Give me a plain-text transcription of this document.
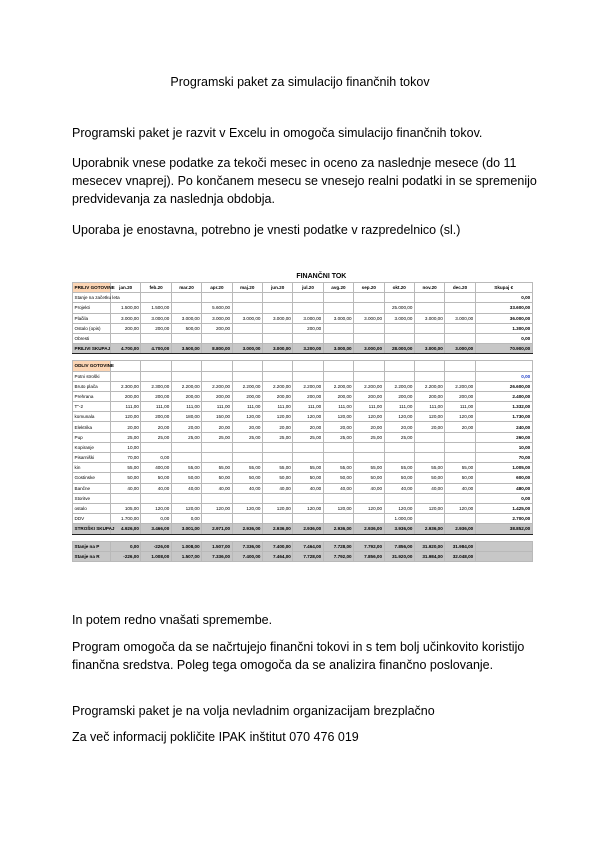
Programski paket za simulacijo finančnih tokov

Programski paket je razvit v Excelu in omogoča simulacijo finančnih tokov.

Uporabnik vnese podatke za tekoči mesec in oceno za naslednje mesece (do 11 mesecev vnaprej). Po končanem mesecu se vnesejo realni podatki in se spremenijo predvidevanja za naslednja obdobja.

Uporaba je enostavna, potrebno je vnesti podatke v razpredelnico (sl.)

	FINANČNI TOK												
PRILIV GOTOVINE	jan.20	feb.20	mar.20	apr.20	maj.20	jun.20	jul.20	avg.20	sep.20	okt.20	nov.20	dec.20	Skupaj €
Stanje na začetku leta													0,00
Projekti	1.500,00	1.500,00		5.600,00						25.000,00			33.600,00
Plačila	3.000,00	3.000,00	3.000,00	3.000,00	3.000,00	3.000,00	3.000,00	3.000,00	3.000,00	3.000,00	3.000,00	3.000,00	36.000,00
Ostalo (opis)	200,00	200,00	500,00	200,00			200,00						1.300,00
Obresti													0,00
PRILIVI SKUPAJ	4.700,00	4.700,00	3.500,00	8.800,00	3.000,00	3.000,00	3.200,00	3.000,00	3.000,00	28.000,00	3.000,00	3.000,00	70.900,00

ODLIV GOTOVINE													
Potni stroški													0,00
Bruto plača	2.300,00	2.300,00	2.200,00	2.200,00	2.200,00	2.200,00	2.200,00	2.200,00	2.200,00	2.200,00	2.200,00	2.200,00	26.600,00
Prehrana	200,00	200,00	200,00	200,00	200,00	200,00	200,00	200,00	200,00	200,00	200,00	200,00	2.400,00
T"-2	111,00	111,00	111,00	111,00	111,00	111,00	111,00	111,00	111,00	111,00	111,00	111,00	1.332,00
komunala	120,00	200,00	180,00	150,00	120,00	120,00	120,00	120,00	120,00	120,00	120,00	120,00	1.730,00
Elektrika	20,00	20,00	20,00	20,00	20,00	20,00	20,00	20,00	20,00	20,00	20,00	20,00	240,00
Pup	25,00	25,00	25,00	25,00	25,00	25,00	25,00	25,00	25,00	25,00			260,00
Kopiranje	10,00												10,00
Pisarniški	70,00	0,00											70,00
kin	55,00	400,00	55,00	55,00	55,00	55,00	55,00	55,00	55,00	55,00	55,00	55,00	1.005,00
Gostinske	50,00	50,00	50,00	50,00	50,00	50,00	50,00	50,00	50,00	50,00	50,00	50,00	600,00
Bančne	40,00	40,00	40,00	40,00	40,00	40,00	40,00	40,00	40,00	40,00	40,00	40,00	480,00
Storitve													0,00
ostalo	105,00	120,00	120,00	120,00	120,00	120,00	120,00	120,00	120,00	120,00	120,00	120,00	1.425,00
DDV	1.700,00	0,00	0,00							1.000,00			2.700,00
STROŠKI SKUPAJ	4.926,00	3.466,00	3.001,00	2.971,00	2.936,00	2.936,00	2.936,00	2.936,00	2.936,00	3.936,00	2.936,00	2.936,00	38.852,00

Stanje na P	0,00	-226,00	1.008,00	1.507,00	7.336,00	7.400,00	7.464,00	7.728,00	7.792,00	7.856,00	31.920,00	31.984,00	
Stanje na R	-226,00	1.008,00	1.507,00	7.336,00	7.400,00	7.464,00	7.728,00	7.792,00	7.856,00	31.920,00	31.984,00	32.048,00	

In potem redno vnašati spremembe.

Program omogoča da se načrtujejo finančni tokovi in s tem bolj učinkovito koristijo finančna sredstva. Poleg tega omogoča da se analizira finančno poslovanje.

Programski paket je na volja nevladnim organizacijam brezplačno

Za več informacij pokličite IPAK inštitut 070 476 019
